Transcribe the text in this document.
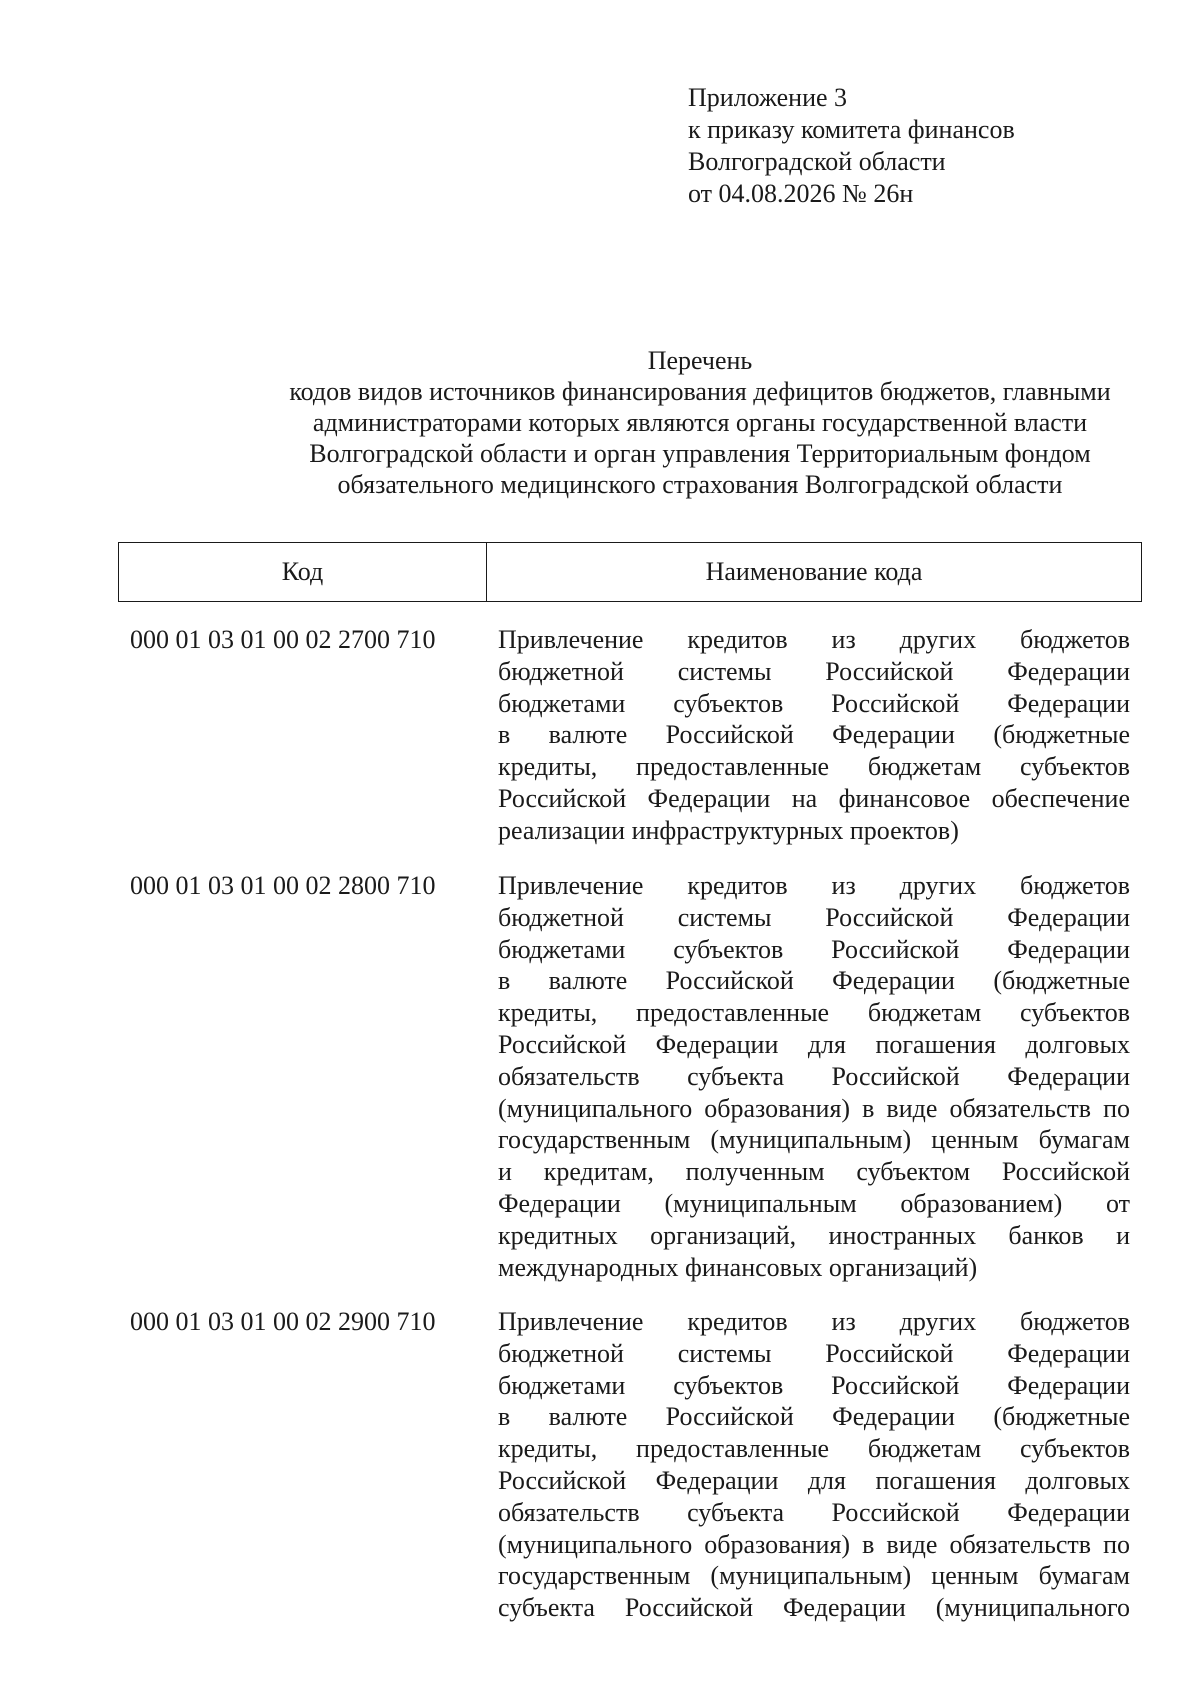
Приложение 3
к приказу комитета финансов
Волгоградской области
от 04.08.2026 № 26н
Перечень
кодов видов источников финансирования дефицитов бюджетов, главными
администраторами которых являются органы государственной власти
Волгоградской области и орган управления Территориальным фондом
обязательного медицинского страхования Волгоградской области
Код	Наименование кода
000 01 03 01 00 02 2700 710 Привлечение кредитов из других бюджетов
бюджетной системы Российской Федерации
бюджетами субъектов Российской Федерации
в валюте Российской Федерации (бюджетные
кредиты, предоставленные бюджетам субъектов
Российской Федерации на финансовое обеспечение
реализации инфраструктурных проектов)
000 01 03 01 00 02 2800 710 Привлечение кредитов из других бюджетов
бюджетной системы Российской Федерации
бюджетами субъектов Российской Федерации
в валюте Российской Федерации (бюджетные
кредиты, предоставленные бюджетам субъектов
Российской Федерации для погашения долговых
обязательств субъекта Российской Федерации
(муниципального образования) в виде обязательств по
государственным (муниципальным) ценным бумагам
и кредитам, полученным субъектом Российской
Федерации (муниципальным образованием) от
кредитных организаций, иностранных банков и
международных финансовых организаций)
000 01 03 01 00 02 2900 710 Привлечение кредитов из других бюджетов
бюджетной системы Российской Федерации
бюджетами субъектов Российской Федерации
в валюте Российской Федерации (бюджетные
кредиты, предоставленные бюджетам субъектов
Российской Федерации для погашения долговых
обязательств субъекта Российской Федерации
(муниципального образования) в виде обязательств по
государственным (муниципальным) ценным бумагам
субъекта Российской Федерации (муниципального
